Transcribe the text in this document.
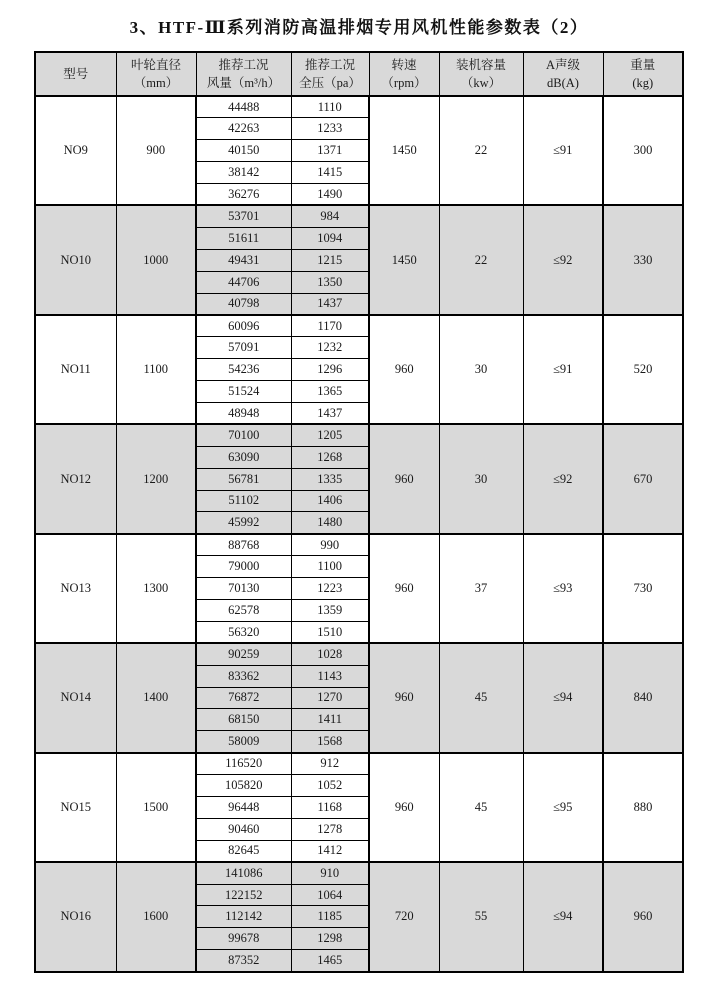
3、HTF-Ⅲ系列消防高温排烟专用风机性能参数表（2）
型号

叶轮直径
（mm）

推荐工况
风量（m³/h）

推荐工况
全压（pa）

转速
（rpm）

装机容量
（kw）

A声级
dB(A)

重量
(kg)

NO9	900	44488	1110	1450	22	≤91	300
		42263	1233				
		40150	1371				
		38142	1415				
		36276	1490				
NO10	1000	53701	984	1450	22	≤92	330
		51611	1094				
		49431	1215				
		44706	1350				
		40798	1437				
NO11	1100	60096	1170	960	30	≤91	520
		57091	1232				
		54236	1296				
		51524	1365				
		48948	1437				
NO12	1200	70100	1205	960	30	≤92	670
		63090	1268				
		56781	1335				
		51102	1406				
		45992	1480				
NO13	1300	88768	990	960	37	≤93	730
		79000	1100				
		70130	1223				
		62578	1359				
		56320	1510				
NO14	1400	90259	1028	960	45	≤94	840
		83362	1143				
		76872	1270				
		68150	1411				
		58009	1568				
NO15	1500	116520	912	960	45	≤95	880
		105820	1052				
		96448	1168				
		90460	1278				
		82645	1412				
NO16	1600	141086	910	720	55	≤94	960
		122152	1064				
		112142	1185				
		99678	1298				
		87352	1465				
